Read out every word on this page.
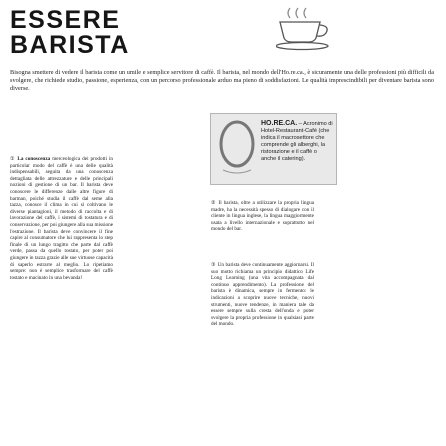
ESSERE
BARISTA

Bisogna smettere di vedere il barista come un umile e semplice servitore di caffè. Il barista, nel mondo dell'Ho.re.ca., è sicuramente una delle professioni più difficili da svolgere, che richiede studio, passione, esperienza, con un percorso professionale arduo ma pieno di soddisfazioni. Le qualità imprescindibili per diventare barista sono diverse.

HO.RE.CA. – Acronimo di Hotel-Restaurant-Café (che indica il macrosettore che comprende gli alberghi, la ristorazione e il caffè o anche il catering).

① La conoscenza merceologica dei prodotti in particolar modo del caffè è una delle qualità indispensabili, seguita da una conoscenza dettagliata delle attrezzature e delle principali nozioni di gestione di un bar. Il barista deve conoscere le differenze dalle altre figure di barman, poiché studia il caffè dal seme alla tazza, conosce il clima in cui si coltivano le diverse piantagioni, il metodo di raccolta e di lavorazione del caffè, i sistemi di tostatura e di conservazione, per poi giungere alla sua missione l'estrazione. Il barista deve convincere il fine capire al consumatore che lui rappresenta lo step finale di un lungo tragitto che parte dal caffè verde, passa da quello tostato, per poter poi giungere in tazza grazie alle sue virtuose capacità di saperlo estrarre al meglio. Lo ripetiamo sempre: non è semplice trasformare del caffè tostato e macinato in una bevanda!

② Il barista, oltre a utilizzare la propria lingua madre, ha la necessità spesso di dialogare con il cliente in lingua inglese, la lingua maggiormente usata a livello internazionale e soprattutto nel mondo del bar.

③ Un barista deve continuamente aggiornarsi. Il suo motto richiama un principio didattico Life Long Learning (una vita accompagnata dal continuo apprendimento). La professione del barista è dinamica, sempre in fermento: le indicazioni a scoprire nuove tecniche, nuovi strumenti, nuove tendenze, in maniera tale da essere sempre sulla cresta dell'onda e poter svolgere la propria professione in qualsiasi parte del mondo.
